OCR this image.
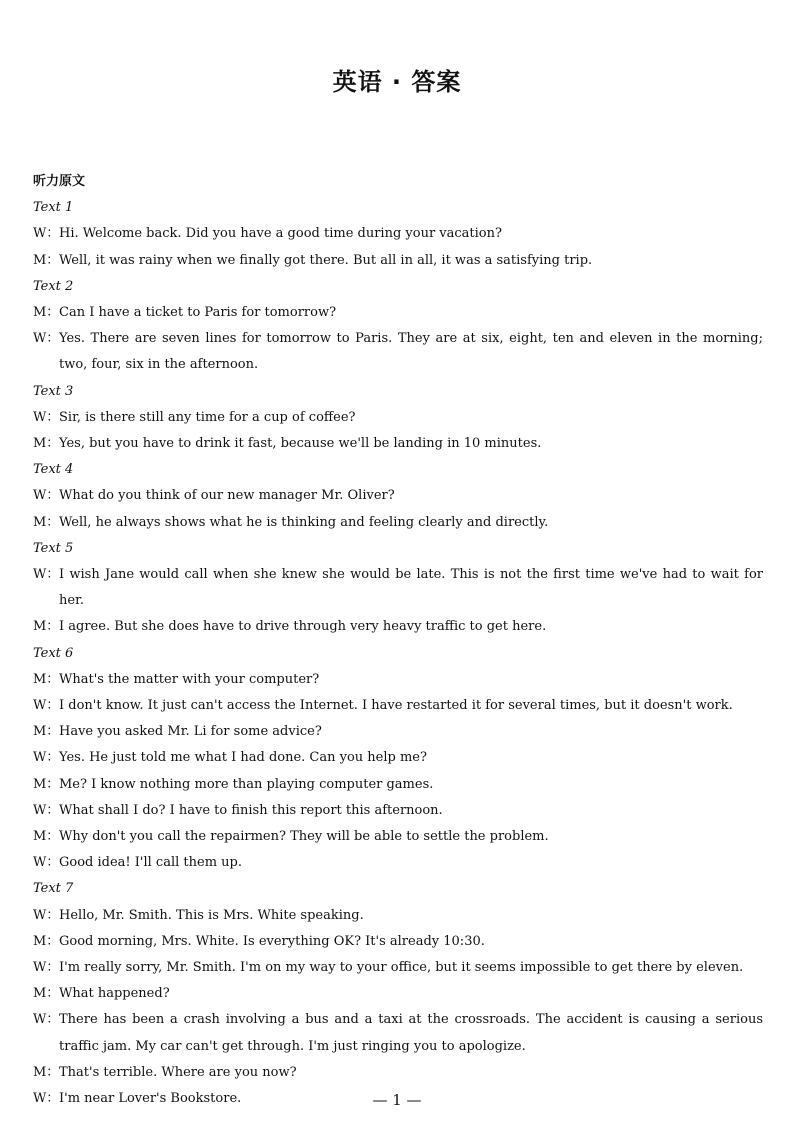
英语 · 答案
听力原文
Text 1
W：Hi. Welcome back. Did you have a good time during your vacation?
M：Well, it was rainy when we finally got there. But all in all, it was a satisfying trip.
Text 2
M：Can I have a ticket to Paris for tomorrow?
W：Yes. There are seven lines for tomorrow to Paris. They are at six, eight, ten and eleven in the morning; two, four, six in the afternoon.
Text 3
W：Sir, is there still any time for a cup of coffee?
M：Yes, but you have to drink it fast, because we'll be landing in 10 minutes.
Text 4
W：What do you think of our new manager Mr. Oliver?
M：Well, he always shows what he is thinking and feeling clearly and directly.
Text 5
W：I wish Jane would call when she knew she would be late. This is not the first time we've had to wait for her.
M：I agree. But she does have to drive through very heavy traffic to get here.
Text 6
M：What's the matter with your computer?
W：I don't know. It just can't access the Internet. I have restarted it for several times, but it doesn't work.
M：Have you asked Mr. Li for some advice?
W：Yes. He just told me what I had done. Can you help me?
M：Me? I know nothing more than playing computer games.
W：What shall I do? I have to finish this report this afternoon.
M：Why don't you call the repairmen? They will be able to settle the problem.
W：Good idea! I'll call them up.
Text 7
W：Hello, Mr. Smith. This is Mrs. White speaking.
M：Good morning, Mrs. White. Is everything OK? It's already 10:30.
W：I'm really sorry, Mr. Smith. I'm on my way to your office, but it seems impossible to get there by eleven.
M：What happened?
W：There has been a crash involving a bus and a taxi at the crossroads. The accident is causing a serious traffic jam. My car can't get through. I'm just ringing you to apologize.
M：That's terrible. Where are you now?
W：I'm near Lover's Bookstore.	— 1 —
